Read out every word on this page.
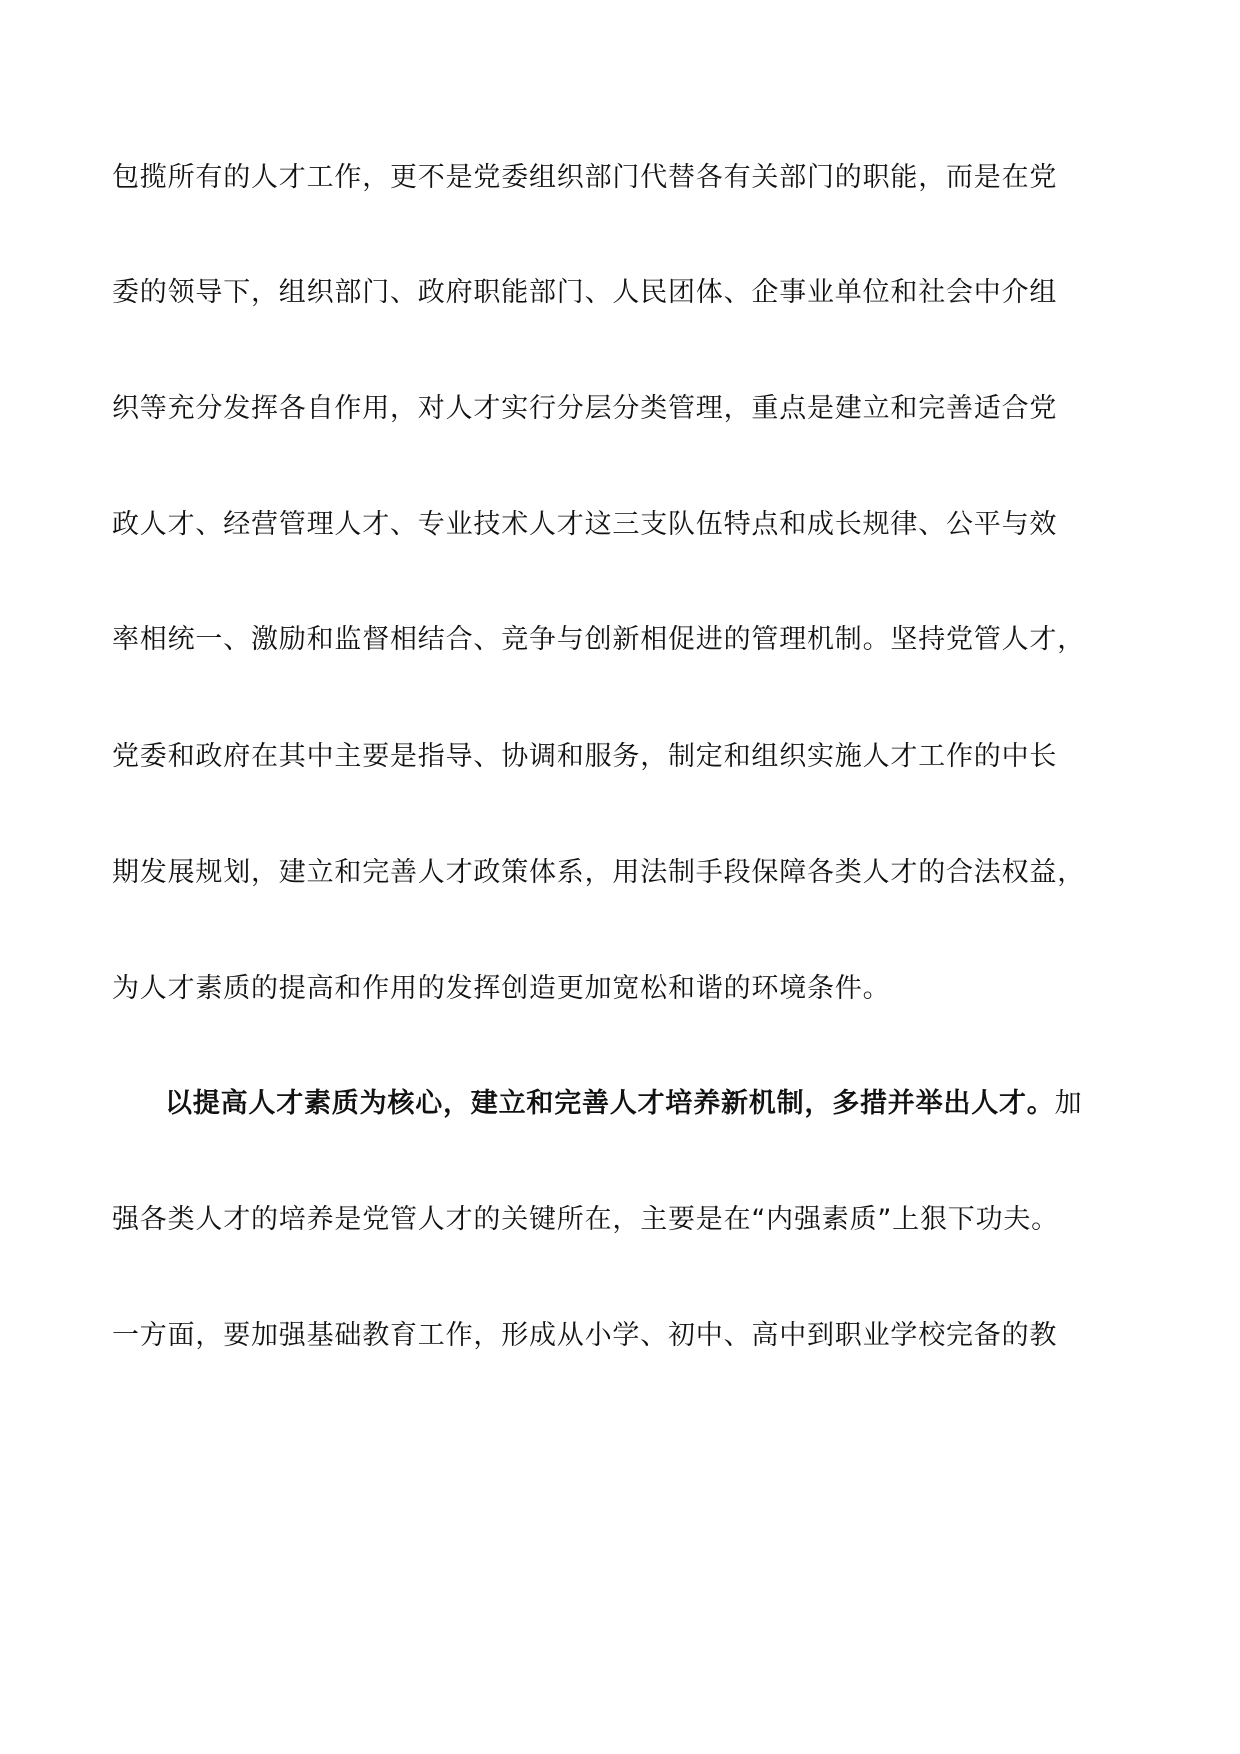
包揽所有的人才工作，更不是党委组织部门代替各有关部门的职能，而是在党
委的领导下，组织部门、政府职能部门、人民团体、企事业单位和社会中介组
织等充分发挥各自作用，对人才实行分层分类管理，重点是建立和完善适合党
政人才、经营管理人才、专业技术人才这三支队伍特点和成长规律、公平与效
率相统一、激励和监督相结合、竞争与创新相促进的管理机制。坚持党管人才，
党委和政府在其中主要是指导、协调和服务，制定和组织实施人才工作的中长
期发展规划，建立和完善人才政策体系，用法制手段保障各类人才的合法权益，
为人才素质的提高和作用的发挥创造更加宽松和谐的环境条件。
以提高人才素质为核心，建立和完善人才培养新机制，多措并举出人才。加
强各类人才的培养是党管人才的关键所在，主要是在“内强素质”上狠下功夫。
一方面，要加强基础教育工作，形成从小学、初中、高中到职业学校完备的教
